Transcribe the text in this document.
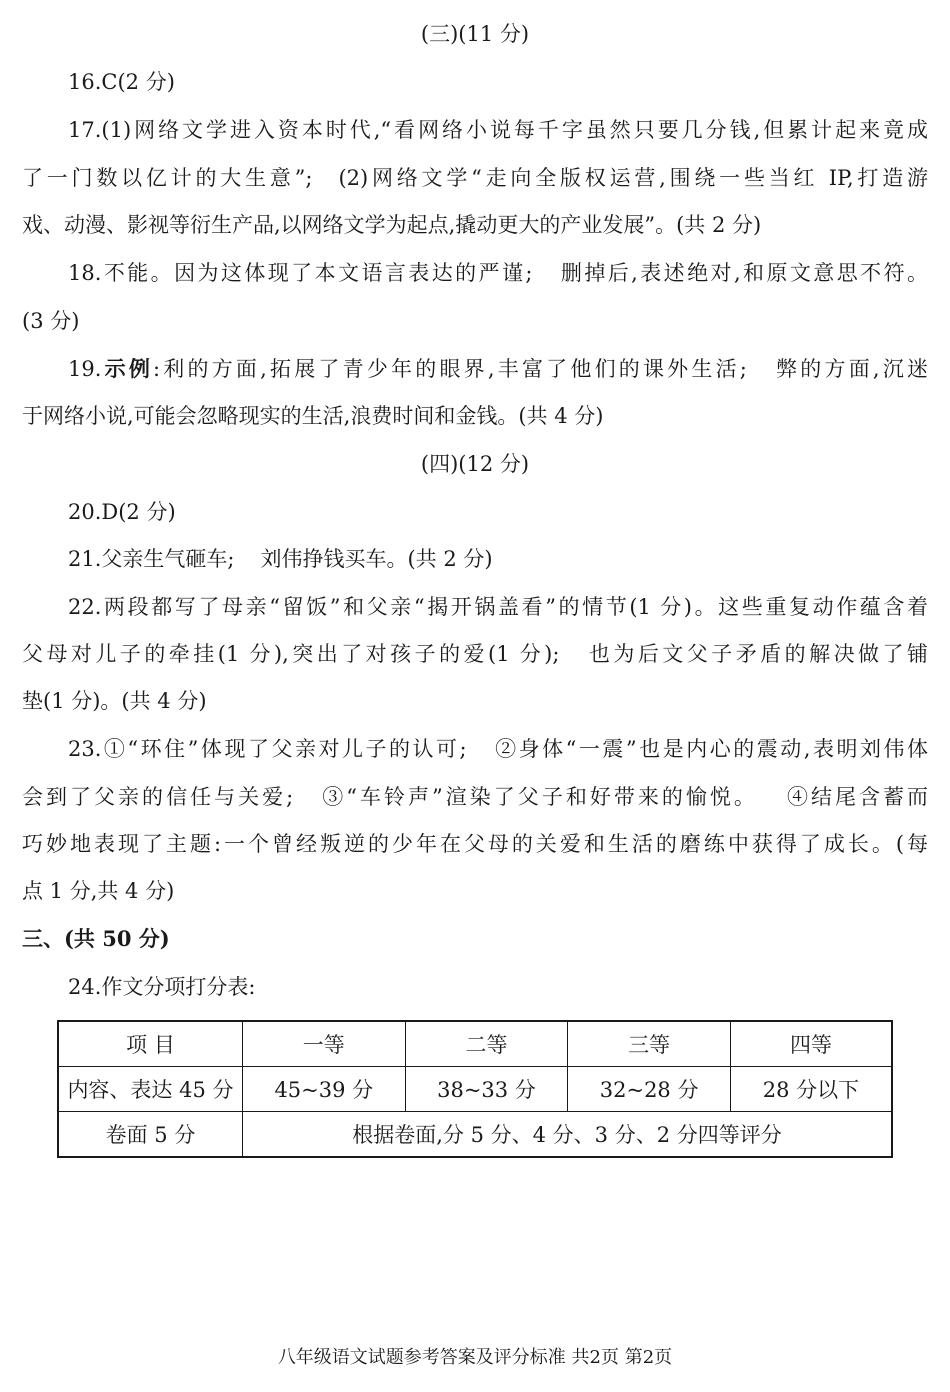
(三)(11 分)
16.C(2 分)
17.(1)网络文学进入资本时代,“看网络小说每千字虽然只要几分钱,但累计起来竟成
了一门数以亿计的大生意”; (2)网络文学“走向全版权运营,围绕一些当红 IP,打造游
戏、动漫、影视等衍生产品,以网络文学为起点,撬动更大的产业发展”。(共 2 分)
18.不能。因为这体现了本文语言表达的严谨; 删掉后,表述绝对,和原文意思不符。
(3 分)
19.示例:利的方面,拓展了青少年的眼界,丰富了他们的课外生活; 弊的方面,沉迷
于网络小说,可能会忽略现实的生活,浪费时间和金钱。(共 4 分)
(四)(12 分)
20.D(2 分)
21.父亲生气砸车; 刘伟挣钱买车。(共 2 分)
22.两段都写了母亲“留饭”和父亲“揭开锅盖看”的情节(1 分)。这些重复动作蕴含着
父母对儿子的牵挂(1 分),突出了对孩子的爱(1 分); 也为后文父子矛盾的解决做了铺
垫(1 分)。(共 4 分)
23.①“环住”体现了父亲对儿子的认可; ②身体“一震”也是内心的震动,表明刘伟体
会到了父亲的信任与关爱; ③“车铃声”渲染了父子和好带来的愉悦。 ④结尾含蓄而
巧妙地表现了主题:一个曾经叛逆的少年在父母的关爱和生活的磨练中获得了成长。(每
点 1 分,共 4 分)
三、(共 50 分)
24.作文分项打分表:
项 目	一等	二等	三等	四等
内容、表达 45 分	45~39 分	38~33 分	32~28 分	28 分以下
卷面 5 分	根据卷面,分 5 分、4 分、3 分、2 分四等评分			
八年级语文试题参考答案及评分标准 共2页 第2页
